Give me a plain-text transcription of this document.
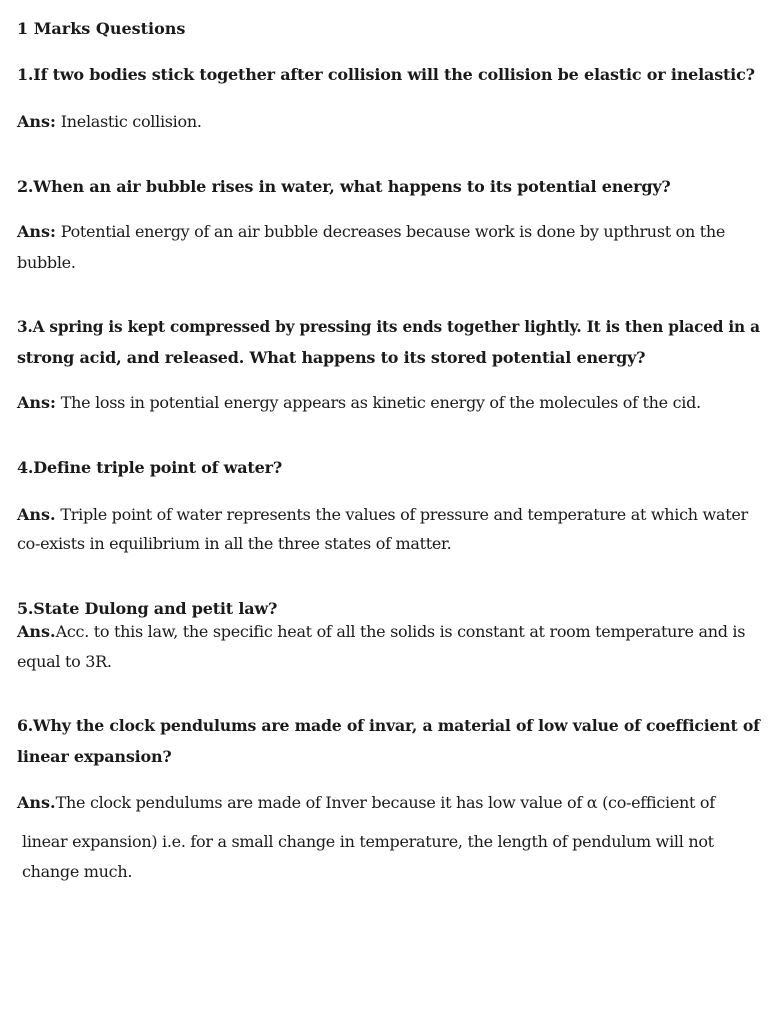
1 Marks Questions
1.If two bodies stick together after collision will the collision be elastic or inelastic?
Ans: Inelastic collision.
2.When an air bubble rises in water, what happens to its potential energy?
Ans: Potential energy of an air bubble decreases because work is done by upthrust on the
bubble.
3.A spring is kept compressed by pressing its ends together lightly. It is then placed in a
strong acid, and released. What happens to its stored potential energy?
Ans: The loss in potential energy appears as kinetic energy of the molecules of the cid.
4.Define triple point of water?
Ans. Triple point of water represents the values of pressure and temperature at which water
co-exists in equilibrium in all the three states of matter.
5.State Dulong and petit law?
Ans.Acc. to this law, the specific heat of all the solids is constant at room temperature and is
equal to 3R.
6.Why the clock pendulums are made of invar, a material of low value of coefficient of
linear expansion?
Ans.The clock pendulums are made of Inver because it has low value of α (co-efficient of
linear expansion) i.e. for a small change in temperature, the length of pendulum will not
change much.
